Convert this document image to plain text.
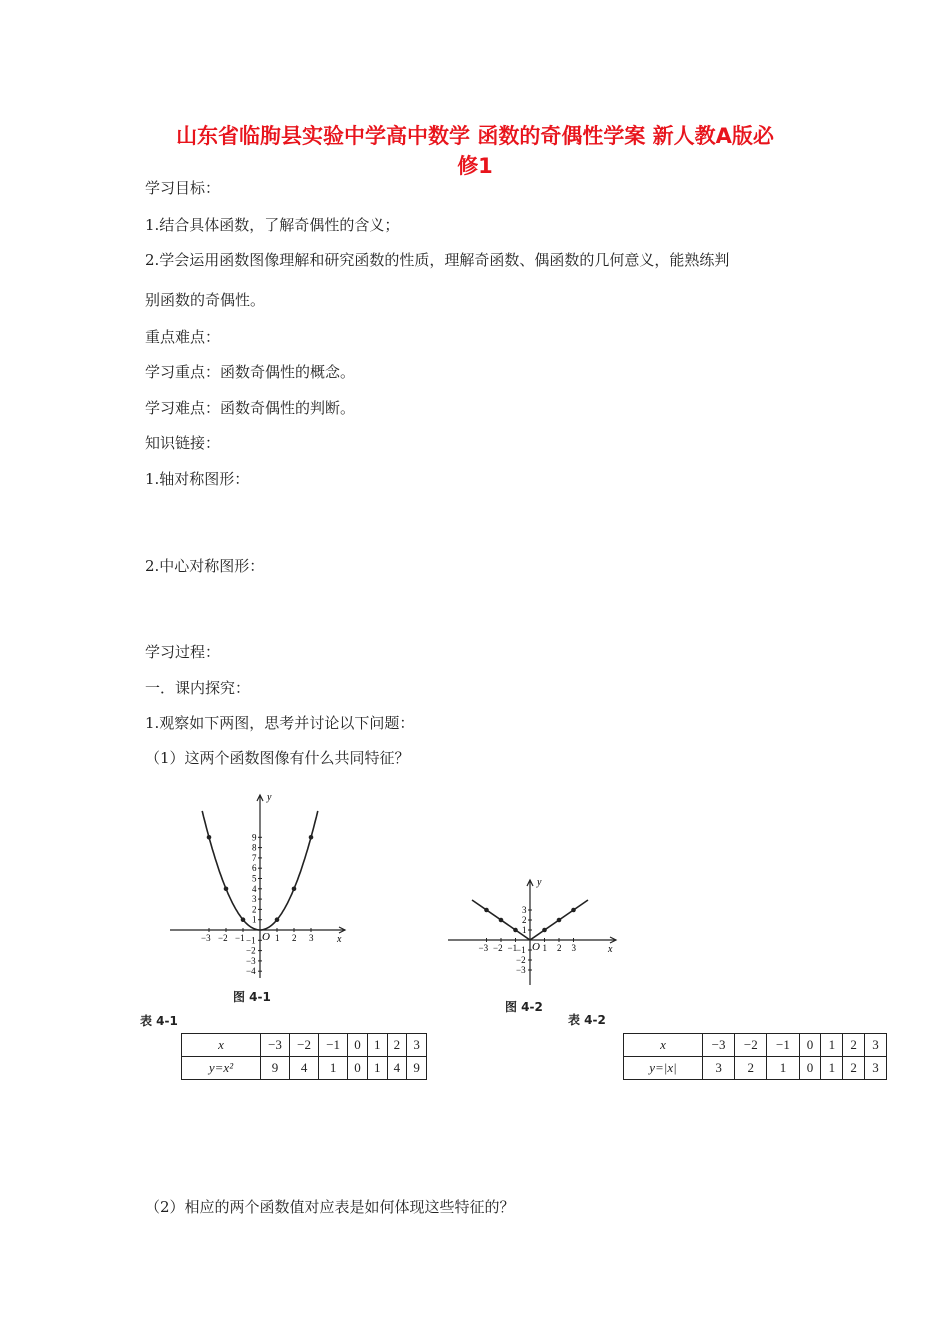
山东省临朐县实验中学高中数学 函数的奇偶性学案 新人教A版必
修1
学习目标：
1.结合具体函数，了解奇偶性的含义；
2.学会运用函数图像理解和研究函数的性质，理解奇函数、偶函数的几何意义，能熟练判
别函数的奇偶性。
重点难点：
学习重点：函数奇偶性的概念。
学习难点：函数奇偶性的判断。
知识链接：
1.轴对称图形：
2.中心对称图形：
学习过程：
一．课内探究：
1.观察如下两图，思考并讨论以下问题：
（1）这两个函数图像有什么共同特征？
（2）相应的两个函数值对应表是如何体现这些特征的？
x
y
O
−3 −2 −1	1 2 3
−4
−3
−2
−1
1
2
3
4
5
6
7
8
9
x
y
O
−3 −2 −1	1 2 3
−3
−2
−1
1
2
3
图 4-1
图 4-2
表 4-1	表 4-2
x	−3	−2	−1	0	1	2	3
y=x²	9	4	1	0	1	4	9
x	−3	−2	−1	0	1	2	3
y=|x|	3	2	1	0	1	2	3
